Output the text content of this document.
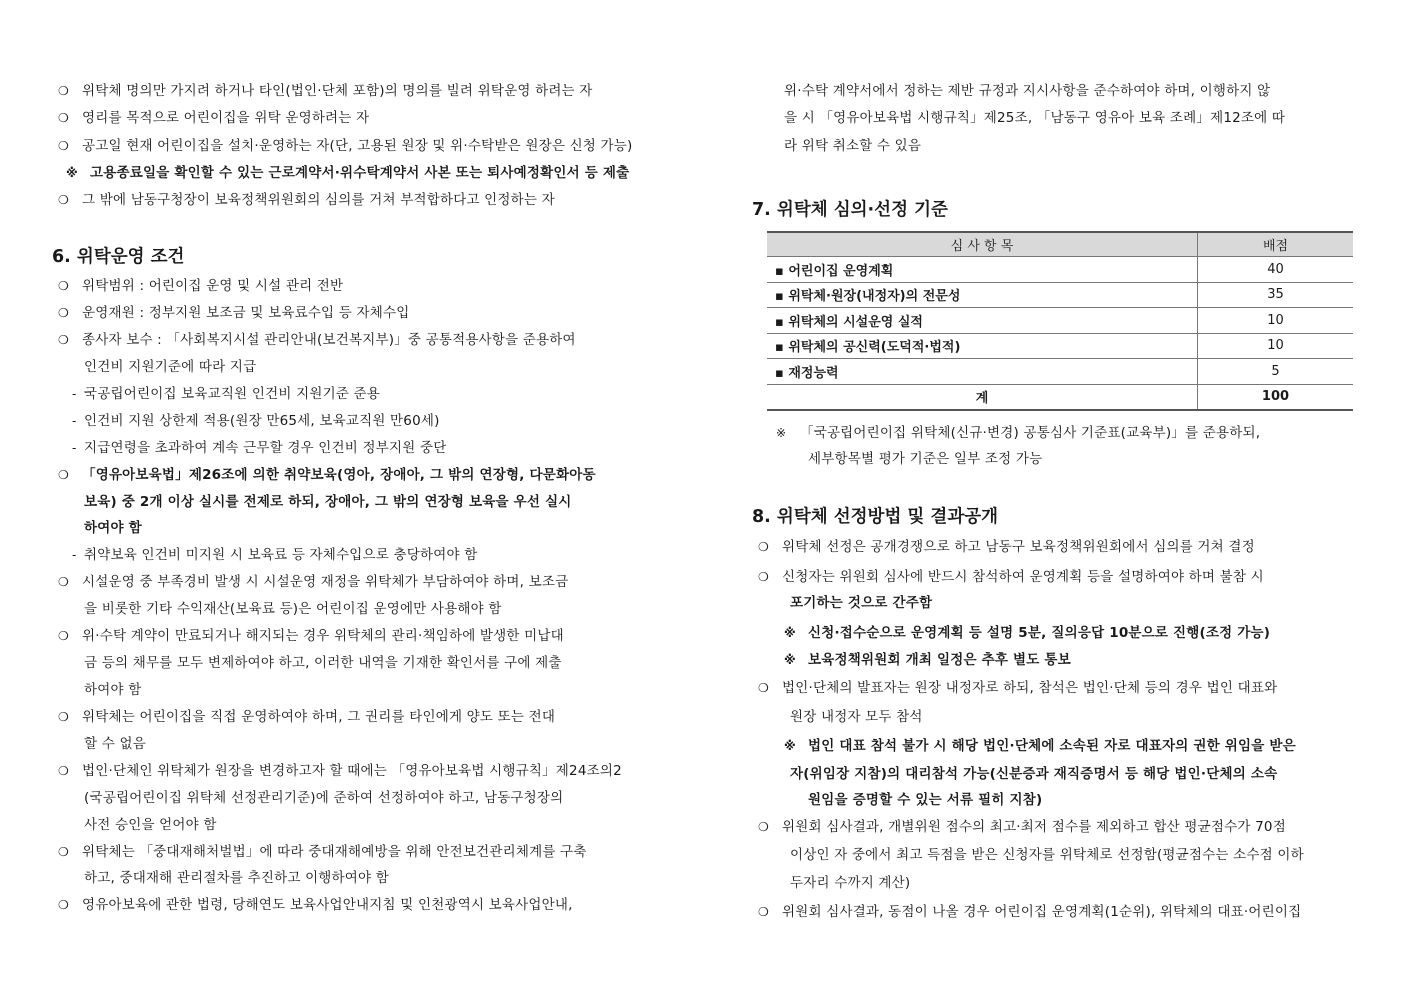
6. 위탁운영 조건
❍ 위탁체 명의만 가지려 하거나 타인(법인·단체 포함)의 명의를 빌려 위탁운영 하려는 자
❍ 영리를 목적으로 어린이집을 위탁 운영하려는 자
❍ 공고일 현재 어린이집을 설치·운영하는 자(단, 고용된 원장 및 위·수탁받은 원장은 신청 가능)
※ 고용종료일을 확인할 수 있는 근로계약서·위수탁계약서 사본 또는 퇴사예정확인서 등 제출
❍ 그 밖에 남동구청장이 보육정책위원회의 심의를 거쳐 부적합하다고 인정하는 자
❍ 위탁범위 : 어린이집 운영 및 시설 관리 전반
❍ 운영재원 : 정부지원 보조금 및 보육료수입 등 자체수입
❍ 종사자 보수 : 「사회복지시설 관리안내(보건복지부)」중 공통적용사항을 준용하여
인건비 지원기준에 따라 지급
- 국공립어린이집 보육교직원 인건비 지원기준 준용
- 인건비 지원 상한제 적용(원장 만65세, 보육교직원 만60세)
- 지급연령을 초과하여 계속 근무할 경우 인건비 정부지원 중단
❍ 「영유아보육법」제26조에 의한 취약보육(영아, 장애아, 그 밖의 연장형, 다문화아동
보육) 중 2개 이상 실시를 전제로 하되, 장애아, 그 밖의 연장형 보육을 우선 실시
하여야 함
- 취약보육 인건비 미지원 시 보육료 등 자체수입으로 충당하여야 함
❍ 시설운영 중 부족경비 발생 시 시설운영 재정을 위탁체가 부담하여야 하며, 보조금
을 비롯한 기타 수익재산(보육료 등)은 어린이집 운영에만 사용해야 함
❍ 위·수탁 계약이 만료되거나 해지되는 경우 위탁체의 관리·책임하에 발생한 미납대
금 등의 채무를 모두 변제하여야 하고, 이러한 내역을 기재한 확인서를 구에 제출
하여야 함
❍ 위탁체는 어린이집을 직접 운영하여야 하며, 그 권리를 타인에게 양도 또는 전대
할 수 없음
❍ 법인·단체인 위탁체가 원장을 변경하고자 할 때에는 「영유아보육법 시행규칙」제24조의2
(국공립어린이집 위탁체 선정관리기준)에 준하여 선정하여야 하고, 남동구청장의
사전 승인을 얻어야 함
❍ 위탁체는 「중대재해처벌법」에 따라 중대재해예방을 위해 안전보건관리체계를 구축
하고, 중대재해 관리절차를 추진하고 이행하여야 함
❍ 영유아보육에 관한 법령, 당해연도 보육사업안내지침 및 인천광역시 보육사업안내,
7. 위탁체 심의·선정 기준
심 사 항 목	배점
▪ 어린이집 운영계획	40
▪ 위탁체·원장(내정자)의 전문성	35
▪ 위탁체의 시설운영 실적	10
▪ 위탁체의 공신력(도덕적·법적)	10
▪ 재정능력	5
계	100
8. 위탁체 선정방법 및 결과공개
위·수탁 계약서에서 정하는 제반 규정과 지시사항을 준수하여야 하며, 이행하지 않
을 시 「영유아보육법 시행규칙」제25조, 「남동구 영유아 보육 조례」제12조에 따
라 위탁 취소할 수 있음
※ 「국공립어린이집 위탁체(신규·변경) 공통심사 기준표(교육부)」를 준용하되,
세부항목별 평가 기준은 일부 조정 가능
❍ 위탁체 선정은 공개경쟁으로 하고 남동구 보육정책위원회에서 심의를 거쳐 결정
❍ 신청자는 위원회 심사에 반드시 참석하여 운영계획 등을 설명하여야 하며 불참 시
포기하는 것으로 간주함
※ 신청·접수순으로 운영계획 등 설명 5분, 질의응답 10분으로 진행(조정 가능)
※ 보육정책위원회 개최 일정은 추후 별도 통보
❍ 법인·단체의 발표자는 원장 내정자로 하되, 참석은 법인·단체 등의 경우 법인 대표와
원장 내정자 모두 참석
※ 법인 대표 참석 불가 시 해당 법인·단체에 소속된 자로 대표자의 권한 위임을 받은
자(위임장 지참)의 대리참석 가능(신분증과 재직증명서 등 해당 법인·단체의 소속
원임을 증명할 수 있는 서류 필히 지참)
❍ 위원회 심사결과, 개별위원 점수의 최고·최저 점수를 제외하고 합산 평균점수가 70점
이상인 자 중에서 최고 득점을 받은 신청자를 위탁체로 선정함(평균점수는 소수점 이하
두자리 수까지 계산)
❍ 위원회 심사결과, 동점이 나올 경우 어린이집 운영계획(1순위), 위탁체의 대표·어린이집
